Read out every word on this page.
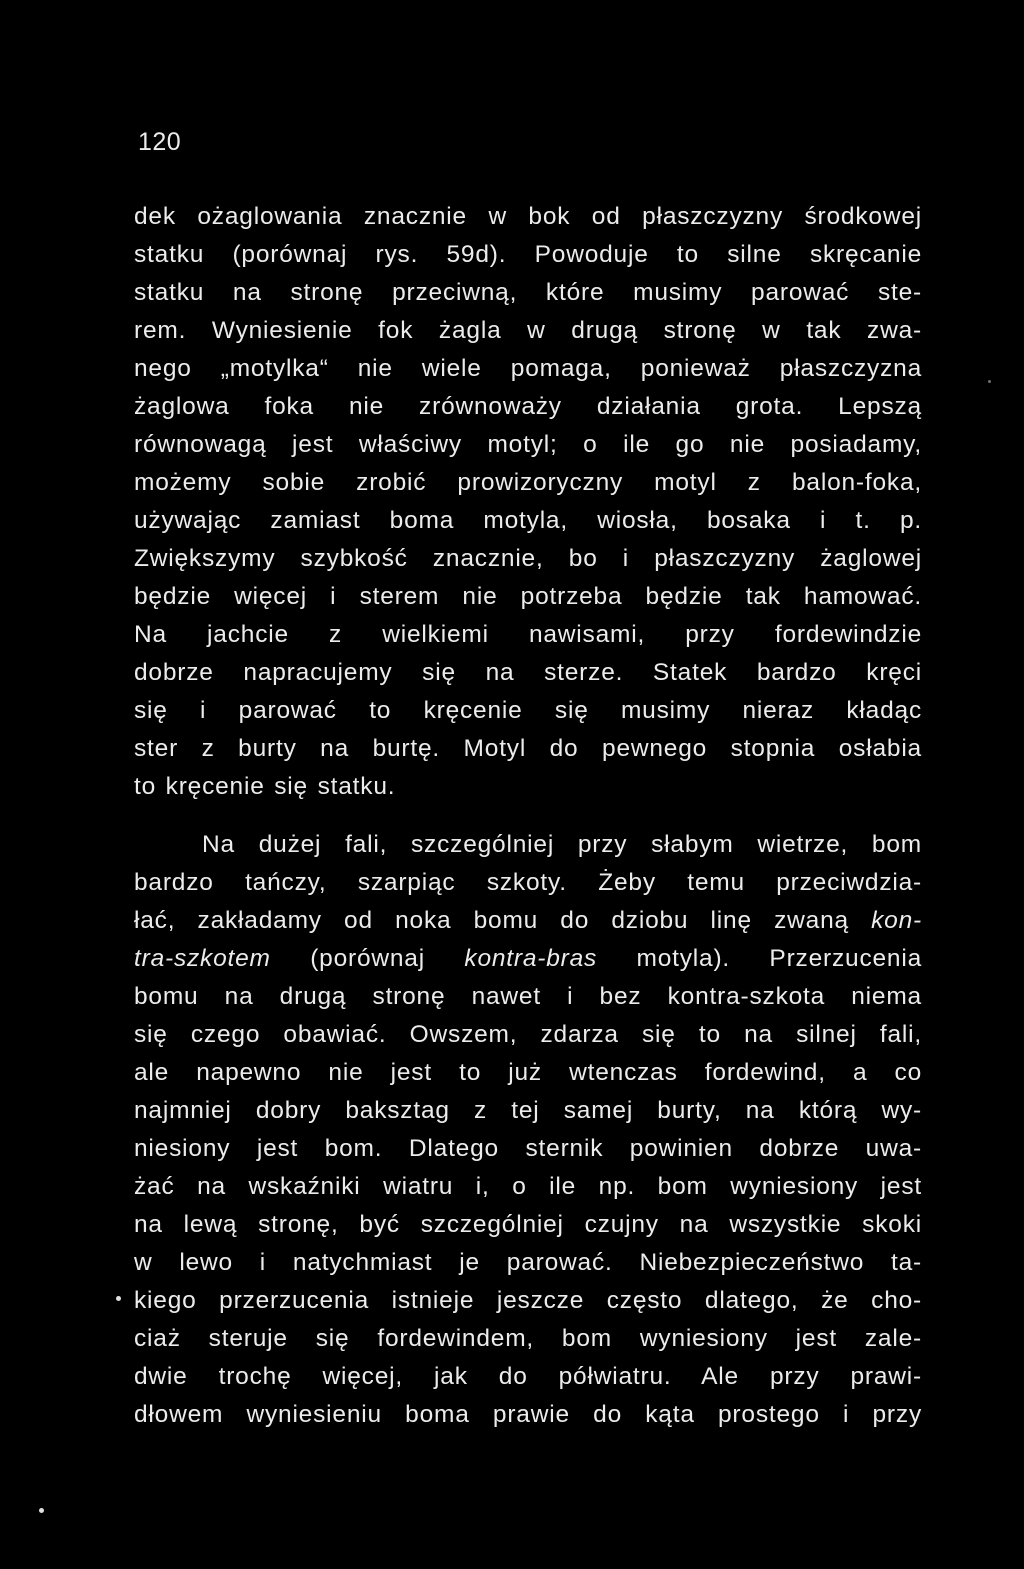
120
dek ożaglowania znacznie w bok od płaszczyzny środkowej
statku (porównaj rys. 59d). Powoduje to silne skręcanie
statku na stronę przeciwną, które musimy parować ste-
rem. Wyniesienie fok żagla w drugą stronę w tak zwa-
nego „motylka“ nie wiele pomaga, ponieważ płaszczyzna
żaglowa foka nie zrównoważy działania grota. Lepszą
równowagą jest właściwy motyl; o ile go nie posiadamy,
możemy sobie zrobić prowizoryczny motyl z balon-foka,
używając zamiast boma motyla, wiosła, bosaka i t. p.
Zwiększymy szybkość znacznie, bo i płaszczyzny żaglowej
będzie więcej i sterem nie potrzeba będzie tak hamować.
Na jachcie z wielkiemi nawisami, przy fordewindzie
dobrze napracujemy się na sterze. Statek bardzo kręci
się i parować to kręcenie się musimy nieraz kładąc
ster z burty na burtę. Motyl do pewnego stopnia osłabia
to kręcenie się statku.
Na dużej fali, szczególniej przy słabym wietrze, bom
bardzo tańczy, szarpiąc szkoty. Żeby temu przeciwdzia-
łać, zakładamy od noka bomu do dziobu linę zwaną kon-
tra-szkotem (porównaj kontra-bras motyla). Przerzucenia
bomu na drugą stronę nawet i bez kontra-szkota niema
się czego obawiać. Owszem, zdarza się to na silnej fali,
ale napewno nie jest to już wtenczas fordewind, a co
najmniej dobry baksztag z tej samej burty, na którą wy-
niesiony jest bom. Dlatego sternik powinien dobrze uwa-
żać na wskaźniki wiatru i, o ile np. bom wyniesiony jest
na lewą stronę, być szczególniej czujny na wszystkie skoki
w lewo i natychmiast je parować. Niebezpieczeństwo ta-
kiego przerzucenia istnieje jeszcze często dlatego, że cho-
ciaż steruje się fordewindem, bom wyniesiony jest zale-
dwie trochę więcej, jak do półwiatru. Ale przy prawi-
dłowem wyniesieniu boma prawie do kąta prostego i przy
